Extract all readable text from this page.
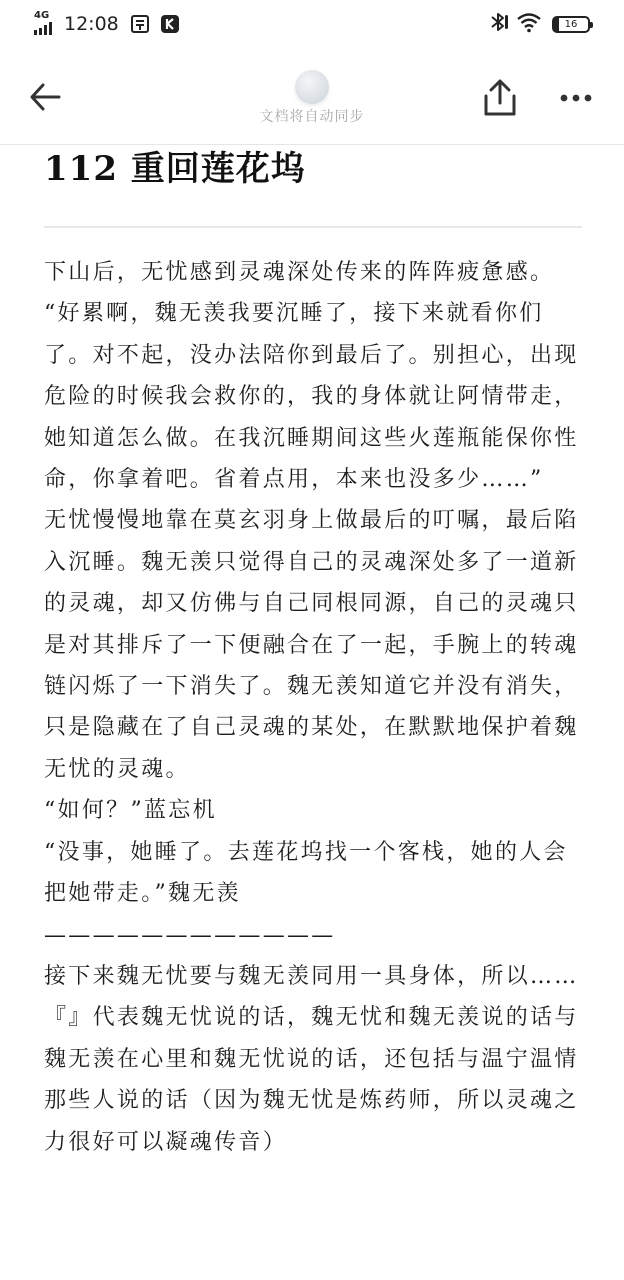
4G 12:08	16
文档将自动同步
112 重回莲花坞

下山后，无忧感到灵魂深处传来的阵阵疲惫感。

“好累啊，魏无羡我要沉睡了，接下来就看你们了。对不起，没办法陪你到最后了。别担心，出现危险的时候我会救你的，我的身体就让阿情带走，她知道怎么做。在我沉睡期间这些火莲瓶能保你性命，你拿着吧。省着点用，本来也没多少……”

无忧慢慢地靠在莫玄羽身上做最后的叮嘱，最后陷入沉睡。魏无羡只觉得自己的灵魂深处多了一道新的灵魂，却又仿佛与自己同根同源，自己的灵魂只是对其排斥了一下便融合在了一起，手腕上的转魂链闪烁了一下消失了。魏无羡知道它并没有消失，只是隐藏在了自己灵魂的某处，在默默地保护着魏无忧的灵魂。

“如何？”蓝忘机

“没事，她睡了。去莲花坞找一个客栈，她的人会把她带走。”魏无羡

————————————

接下来魏无忧要与魏无羡同用一具身体，所以……

『』代表魏无忧说的话，魏无忧和魏无羡说的话与魏无羡在心里和魏无忧说的话，还包括与温宁温情那些人说的话（因为魏无忧是炼药师，所以灵魂之力很好可以凝魂传音）
